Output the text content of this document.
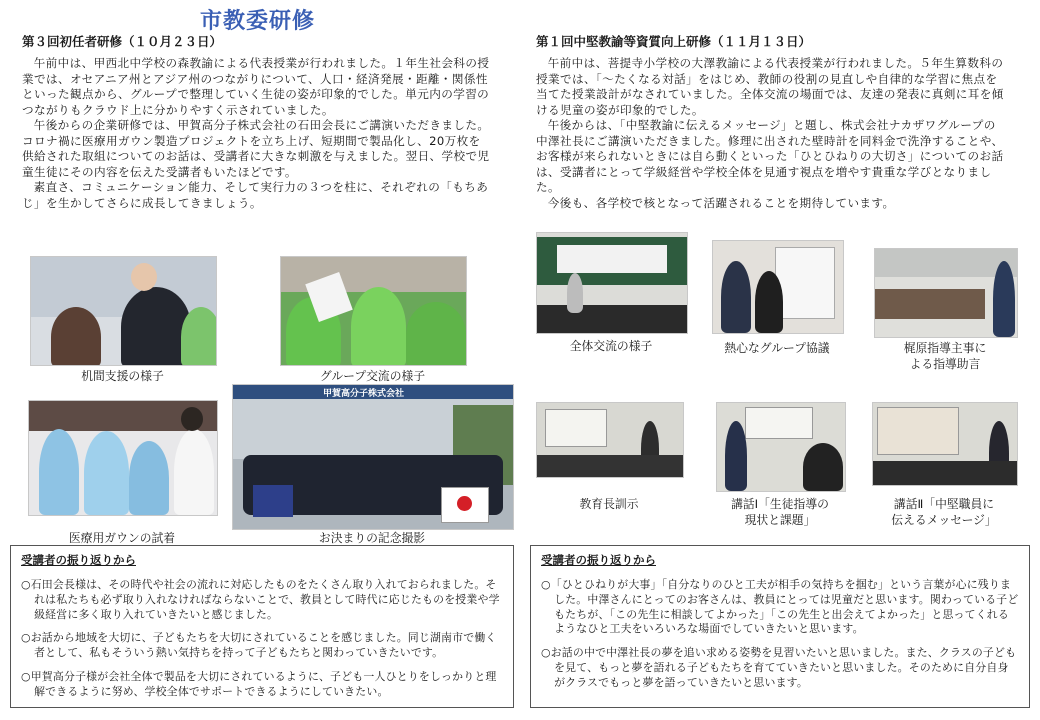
市教委研修
第３回初任者研修（１０月２３日）

午前中は、甲西北中学校の森教諭による代表授業が行われました。１年生社会科の授業では、オセアニア州とアジア州のつながりについて、人口・経済発展・距離・関係性といった観点から、グループで整理していく生徒の姿が印象的でした。単元内の学習のつながりもクラウド上に分かりやすく示されていました。

午後からの企業研修では、甲賀高分子株式会社の石田会長にご講演いただきました。コロナ禍に医療用ガウン製造プロジェクトを立ち上げ、短期間で製品化し、20万枚を供給された取組についてのお話は、受講者に大きな刺激を与えました。翌日、学校で児童生徒にその内容を伝えた受講者もいたほどです。

素直さ、コミュニケーション能力、そして実行力の３つを柱に、それぞれの「もちあじ」を生かしてさらに成長してきましょう。

第１回中堅教諭等資質向上研修（１１月１３日）

午前中は、菩提寺小学校の大澤教諭による代表授業が行われました。５年生算数科の授業では、「～たくなる対話」をはじめ、教師の役割の見直しや自律的な学習に焦点を当てた授業設計がなされていました。全体交流の場面では、友達の発表に真剣に耳を傾ける児童の姿が印象的でした。

午後からは、「中堅教諭に伝えるメッセージ」と題し、株式会社ナカザワグループの中澤社長にご講演いただきました。修理に出された壁時計を同料金で洗浄することや、お客様が来られないときには自ら動くといった「ひとひねりの大切さ」についてのお話は、受講者にとって学級経営や学校全体を見通す視点を増やす貴重な学びとなりました。

今後も、各学校で核となって活躍されることを期待しています。

机間支援の様子	グループ交流の様子
医療用ガウンの試着
甲賀高分子株式会社
お決まりの記念撮影
全体交流の様子	熱心なグループ協議	梶原指導主事に
よる指導助言
教育長訓示	講話Ⅰ「生徒指導の
現状と課題」
講話Ⅱ「中堅職員に
伝えるメッセージ」
受講者の振り返りから
○石田会長様は、その時代や社会の流れに対応したものをたくさん取り入れておられました。それは私たちも必ず取り入れなければならないことで、教員として時代に応じたものを授業や学級経営に多く取り入れていきたいと感じました。
○お話から地域を大切に、子どもたちを大切にされていることを感じました。同じ湖南市で働く者として、私もそういう熱い気持ちを持って子どもたちと関わっていきたいです。
○甲賀高分子様が会社全体で製品を大切にされているように、子ども一人ひとりをしっかりと理解できるように努め、学校全体でサポートできるようにしていきたい。
受講者の振り返りから
○「ひとひねりが大事」「自分なりのひと工夫が相手の気持ちを掴む」という言葉が心に残りました。中澤さんにとってのお客さんは、教員にとっては児童だと思います。関わっている子どもたちが、「この先生に相談してよかった」「この先生と出会えてよかった」と思ってくれるようなひと工夫をいろいろな場面でしていきたいと思います。
○お話の中で中澤社長の夢を追い求める姿勢を見習いたいと思いました。また、クラスの子どもを見て、もっと夢を語れる子どもたちを育てていきたいと思いました。そのために自分自身がクラスでもっと夢を語っていきたいと思います。
